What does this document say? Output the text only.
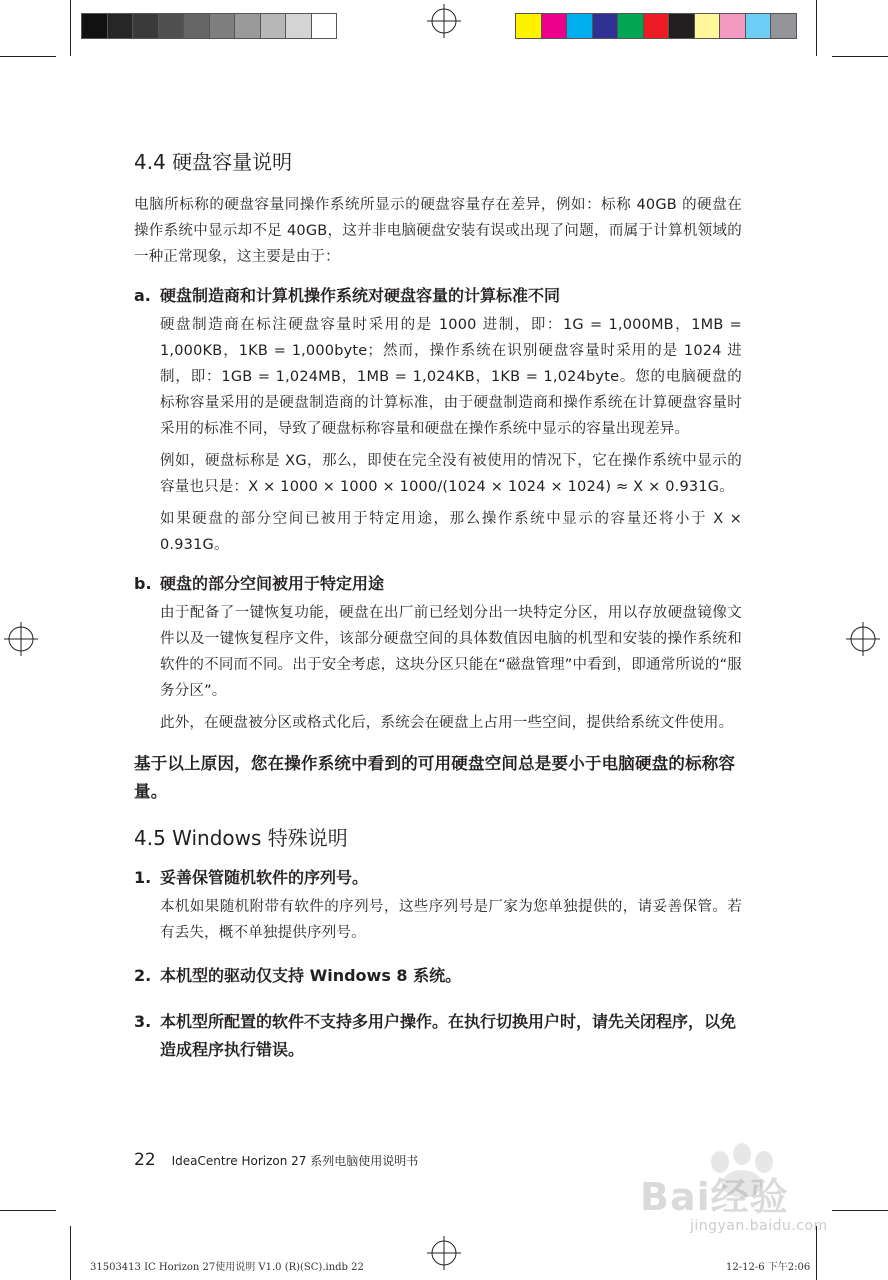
4.4 硬盘容量说明

电脑所标称的硬盘容量同操作系统所显示的硬盘容量存在差异，例如：标称 40GB 的硬盘在操作系统中显示却不足 40GB，这并非电脑硬盘安装有误或出现了问题，而属于计算机领域的一种正常现象，这主要是由于：

a. 硬盘制造商和计算机操作系统对硬盘容量的计算标准不同

硬盘制造商在标注硬盘容量时采用的是 1000 进制，即：1G = 1,000MB，1MB = 1,000KB，1KB = 1,000byte；然而，操作系统在识别硬盘容量时采用的是 1024 进制，即：1GB = 1,024MB，1MB = 1,024KB，1KB = 1,024byte。您的电脑硬盘的标称容量采用的是硬盘制造商的计算标准，由于硬盘制造商和操作系统在计算硬盘容量时采用的标准不同，导致了硬盘标称容量和硬盘在操作系统中显示的容量出现差异。

例如，硬盘标称是 XG，那么，即使在完全没有被使用的情况下，它在操作系统中显示的容量也只是：X × 1000 × 1000 × 1000/(1024 × 1024 × 1024) ≈ X × 0.931G。

如果硬盘的部分空间已被用于特定用途，那么操作系统中显示的容量还将小于 X × 0.931G。

b. 硬盘的部分空间被用于特定用途

由于配备了一键恢复功能，硬盘在出厂前已经划分出一块特定分区，用以存放硬盘镜像文件以及一键恢复程序文件，该部分硬盘空间的具体数值因电脑的机型和安装的操作系统和软件的不同而不同。出于安全考虑，这块分区只能在“磁盘管理”中看到，即通常所说的“服务分区”。

此外，在硬盘被分区或格式化后，系统会在硬盘上占用一些空间，提供给系统文件使用。

基于以上原因，您在操作系统中看到的可用硬盘空间总是要小于电脑硬盘的标称容量。

4.5 Windows 特殊说明
1. 妥善保管随机软件的序列号。

本机如果随机附带有软件的序列号，这些序列号是厂家为您单独提供的，请妥善保管。若有丢失，概不单独提供序列号。

2. 本机型的驱动仅支持 Windows 8 系统。
3. 本机型所配置的软件不支持多用户操作。在执行切换用户时，请先关闭程序，以免造成程序执行错误。
22 IdeaCentre Horizon 27 系列电脑使用说明书
Bai经验
jingyan.baidu.com
31503413 IC Horizon 27使用说明 V1.0 (R)(SC).indb 22	12-12-6 下午2:06
